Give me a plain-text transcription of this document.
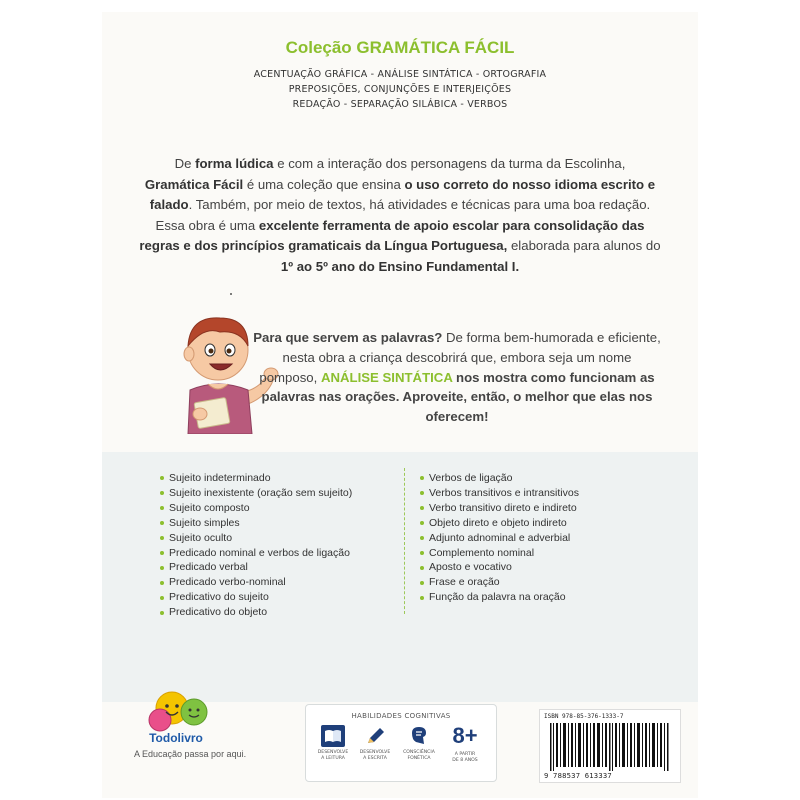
Coleção GRAMÁTICA FÁCIL
ACENTUAÇÃO GRÁFICA - ANÁLISE SINTÁTICA - ORTOGRAFIA
PREPOSIÇÕES, CONJUNÇÕES E INTERJEIÇÕES
REDAÇÃO - SEPARAÇÃO SILÁBICA - VERBOS
De forma lúdica e com a interação dos personagens da turma da Escolinha,
Gramática Fácil é uma coleção que ensina o uso correto do nosso idioma escrito e falado. Também, por meio de textos, há atividades e técnicas para uma boa redação. Essa obra é uma excelente ferramenta de apoio escolar para consolidação das regras e dos princípios gramaticais da Língua Portuguesa, elaborada para alunos do 1º ao 5º ano do Ensino Fundamental I.
Para que servem as palavras? De forma bem-humorada e eficiente, nesta obra a criança descobrirá que, embora seja um nome pomposo, ANÁLISE SINTÁTICA nos mostra como funcionam as palavras nas orações. Aproveite, então, o melhor que elas nos oferecem!
Sujeito indeterminado
Sujeito inexistente (oração sem sujeito)
Sujeito composto
Sujeito simples
Sujeito oculto
Predicado nominal e verbos de ligação
Predicado verbal
Predicado verbo-nominal
Predicativo do sujeito
Predicativo do objeto
Verbos de ligação
Verbos transitivos e intransitivos
Verbo transitivo direto e indireto
Objeto direto e objeto indireto
Adjunto adnominal e adverbial
Complemento nominal
Aposto e vocativo
Frase e oração
Função da palavra na oração
Todolivro
A Educação passa por aqui.
HABILIDADES COGNITIVAS
DESENVOLVE
A LEITURA
DESENVOLVE
A ESCRITA
CONSCIÊNCIA
FONÉTICA
8+
A PARTIR
DE 8 ANOS
ISBN 978-85-376-1333-7
9 788537 613337
